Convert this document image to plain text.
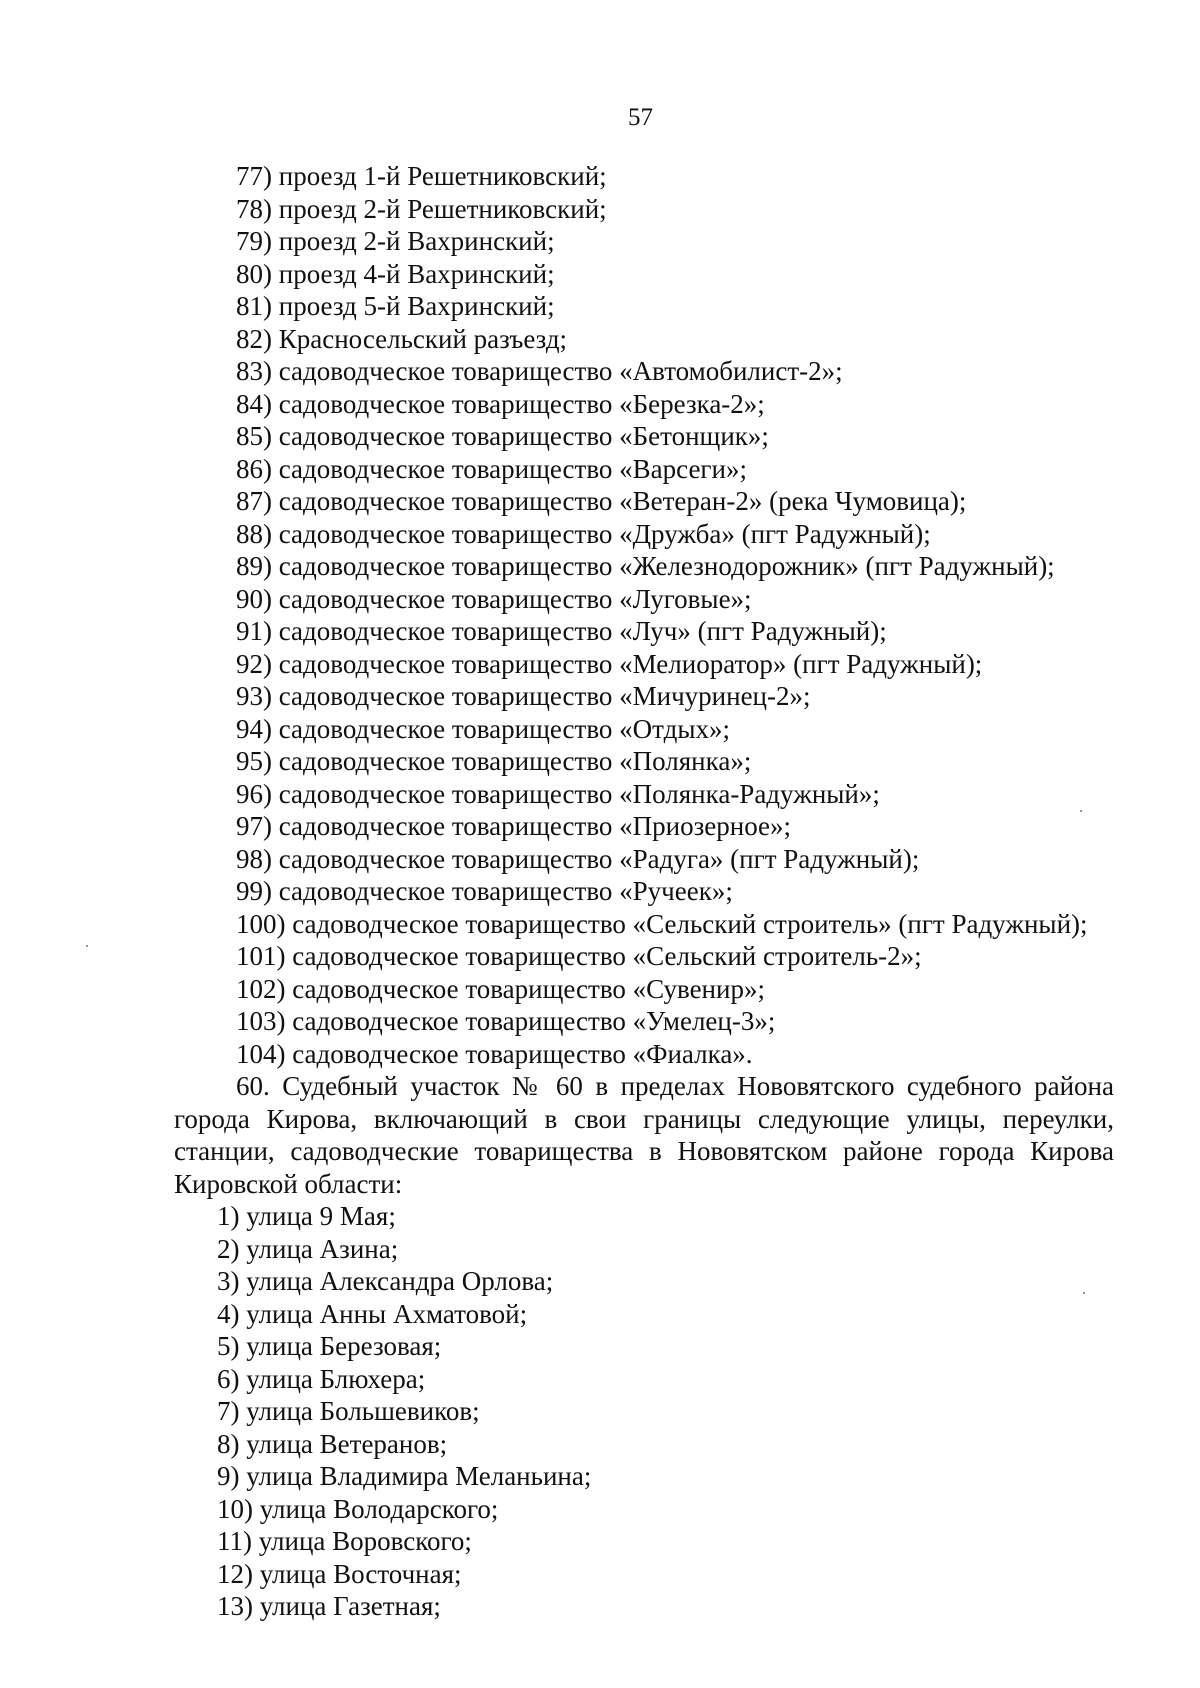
57
77) проезд 1-й Решетниковский;
78) проезд 2-й Решетниковский;
79) проезд 2-й Вахринский;
80) проезд 4-й Вахринский;
81) проезд 5-й Вахринский;
82) Красносельский разъезд;
83) садоводческое товарищество «Автомобилист-2»;
84) садоводческое товарищество «Березка-2»;
85) садоводческое товарищество «Бетонщик»;
86) садоводческое товарищество «Варсеги»;
87) садоводческое товарищество «Ветеран-2» (река Чумовица);
88) садоводческое товарищество «Дружба» (пгт Радужный);
89) садоводческое товарищество «Железнодорожник» (пгт Радужный);
90) садоводческое товарищество «Луговые»;
91) садоводческое товарищество «Луч» (пгт Радужный);
92) садоводческое товарищество «Мелиоратор» (пгт Радужный);
93) садоводческое товарищество «Мичуринец-2»;
94) садоводческое товарищество «Отдых»;
95) садоводческое товарищество «Полянка»;
96) садоводческое товарищество «Полянка-Радужный»;
97) садоводческое товарищество «Приозерное»;
98) садоводческое товарищество «Радуга» (пгт Радужный);
99) садоводческое товарищество «Ручеек»;
100) садоводческое товарищество «Сельский строитель» (пгт Радужный);
101) садоводческое товарищество «Сельский строитель-2»;
102) садоводческое товарищество «Сувенир»;
103) садоводческое товарищество «Умелец-3»;
104) садоводческое товарищество «Фиалка».
60. Судебный участок № 60 в пределах Нововятского судебного района города Кирова, включающий в свои границы следующие улицы, переулки, станции, садоводческие товарищества в Нововятском районе города Кирова Кировской области:
1) улица 9 Мая;
2) улица Азина;
3) улица Александра Орлова;
4) улица Анны Ахматовой;
5) улица Березовая;
6) улица Блюхера;
7) улица Большевиков;
8) улица Ветеранов;
9) улица Владимира Меланьина;
10) улица Володарского;
11) улица Воровского;
12) улица Восточная;
13) улица Газетная;
